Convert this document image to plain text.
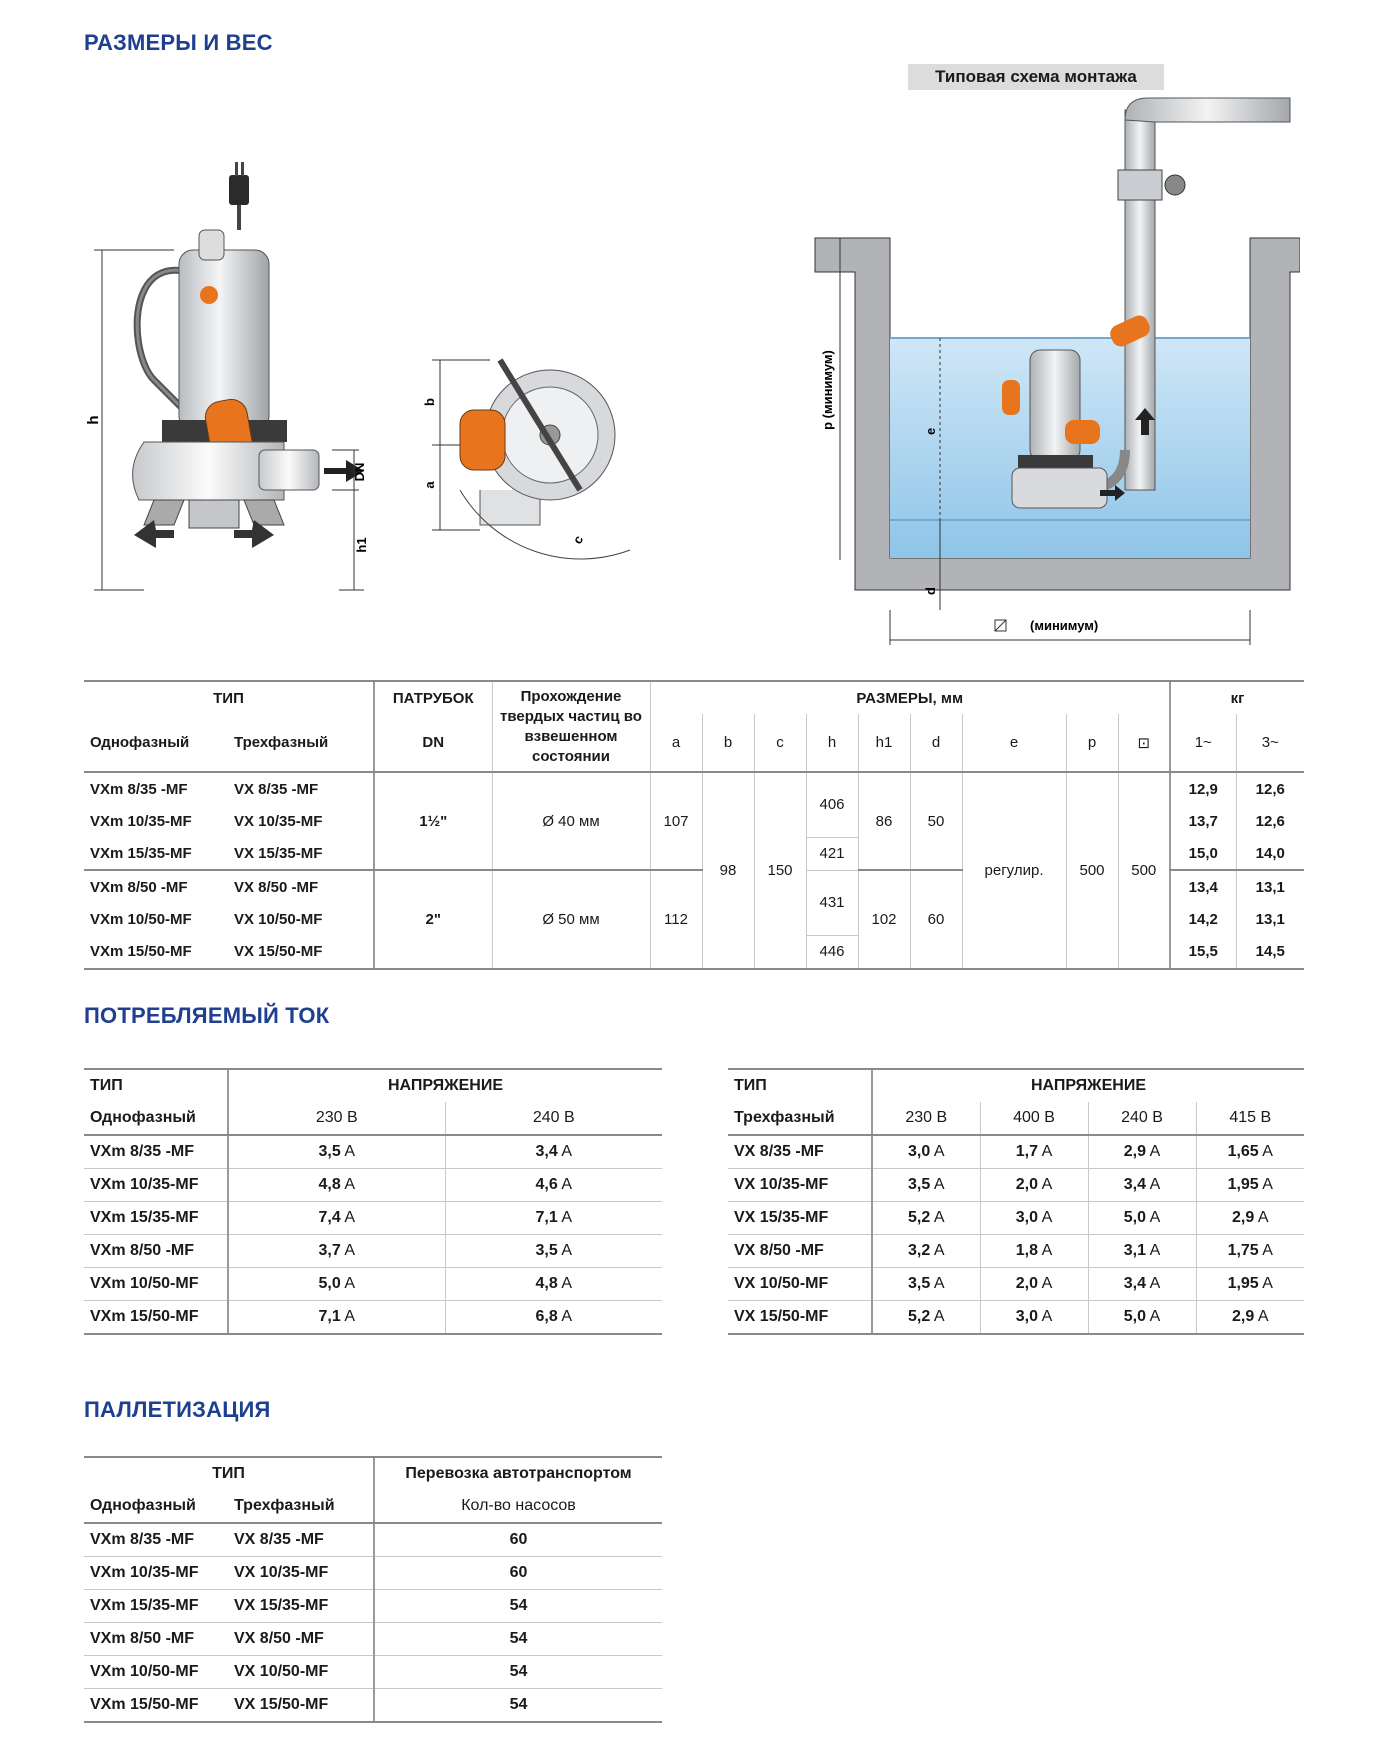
РАЗМЕРЫ И ВЕС
ПОТРЕБЛЯЕМЫЙ ТОК
ПАЛЛЕТИЗАЦИЯ
h
DN
h1
b
a
c
Типовая схема монтажа
p (минимум)
e
d
(минимум)
ТИП		ПАТРУБОК	Прохождение твердых частиц во взвешенном состоянии	РАЗМЕРЫ, мм									кг	
Однофазный	Трехфазный	DN		a	b	c	h	h1	d	e	p	⊡	1~	3~
VXm 8/35 -MF	VX 8/35 -MF	1½"	Ø 40 мм	107	98	150	406	86	50	регулир.	500	500	12,9	12,6
VXm 10/35-MF	VX 10/35-MF												13,7	12,6
VXm 15/35-MF	VX 15/35-MF						421						15,0	14,0
VXm 8/50 -MF	VX 8/50 -MF	2"	Ø 50 мм	112			431	102	60				13,4	13,1
VXm 10/50-MF	VX 10/50-MF												14,2	13,1
VXm 15/50-MF	VX 15/50-MF						446						15,5	14,5
ТИП	НАПРЯЖЕНИЕ	
Однофазный	230 В	240 В
VXm 8/35 -MF	3,5 A	3,4 A
VXm 10/35-MF	4,8 A	4,6 A
VXm 15/35-MF	7,4 A	7,1 A
VXm 8/50 -MF	3,7 A	3,5 A
VXm 10/50-MF	5,0 A	4,8 A
VXm 15/50-MF	7,1 A	6,8 A
ТИП	НАПРЯЖЕНИЕ			
Трехфазный	230 В	400 В	240 В	415 В
VX 8/35 -MF	3,0 A	1,7 A	2,9 A	1,65 A
VX 10/35-MF	3,5 A	2,0 A	3,4 A	1,95 A
VX 15/35-MF	5,2 A	3,0 A	5,0 A	2,9 A
VX 8/50 -MF	3,2 A	1,8 A	3,1 A	1,75 A
VX 10/50-MF	3,5 A	2,0 A	3,4 A	1,95 A
VX 15/50-MF	5,2 A	3,0 A	5,0 A	2,9 A
ТИП		Перевозка автотранспортом
Однофазный	Трехфазный	Кол-во насосов
VXm 8/35 -MF	VX 8/35 -MF	60
VXm 10/35-MF	VX 10/35-MF	60
VXm 15/35-MF	VX 15/35-MF	54
VXm 8/50 -MF	VX 8/50 -MF	54
VXm 10/50-MF	VX 10/50-MF	54
VXm 15/50-MF	VX 15/50-MF	54
